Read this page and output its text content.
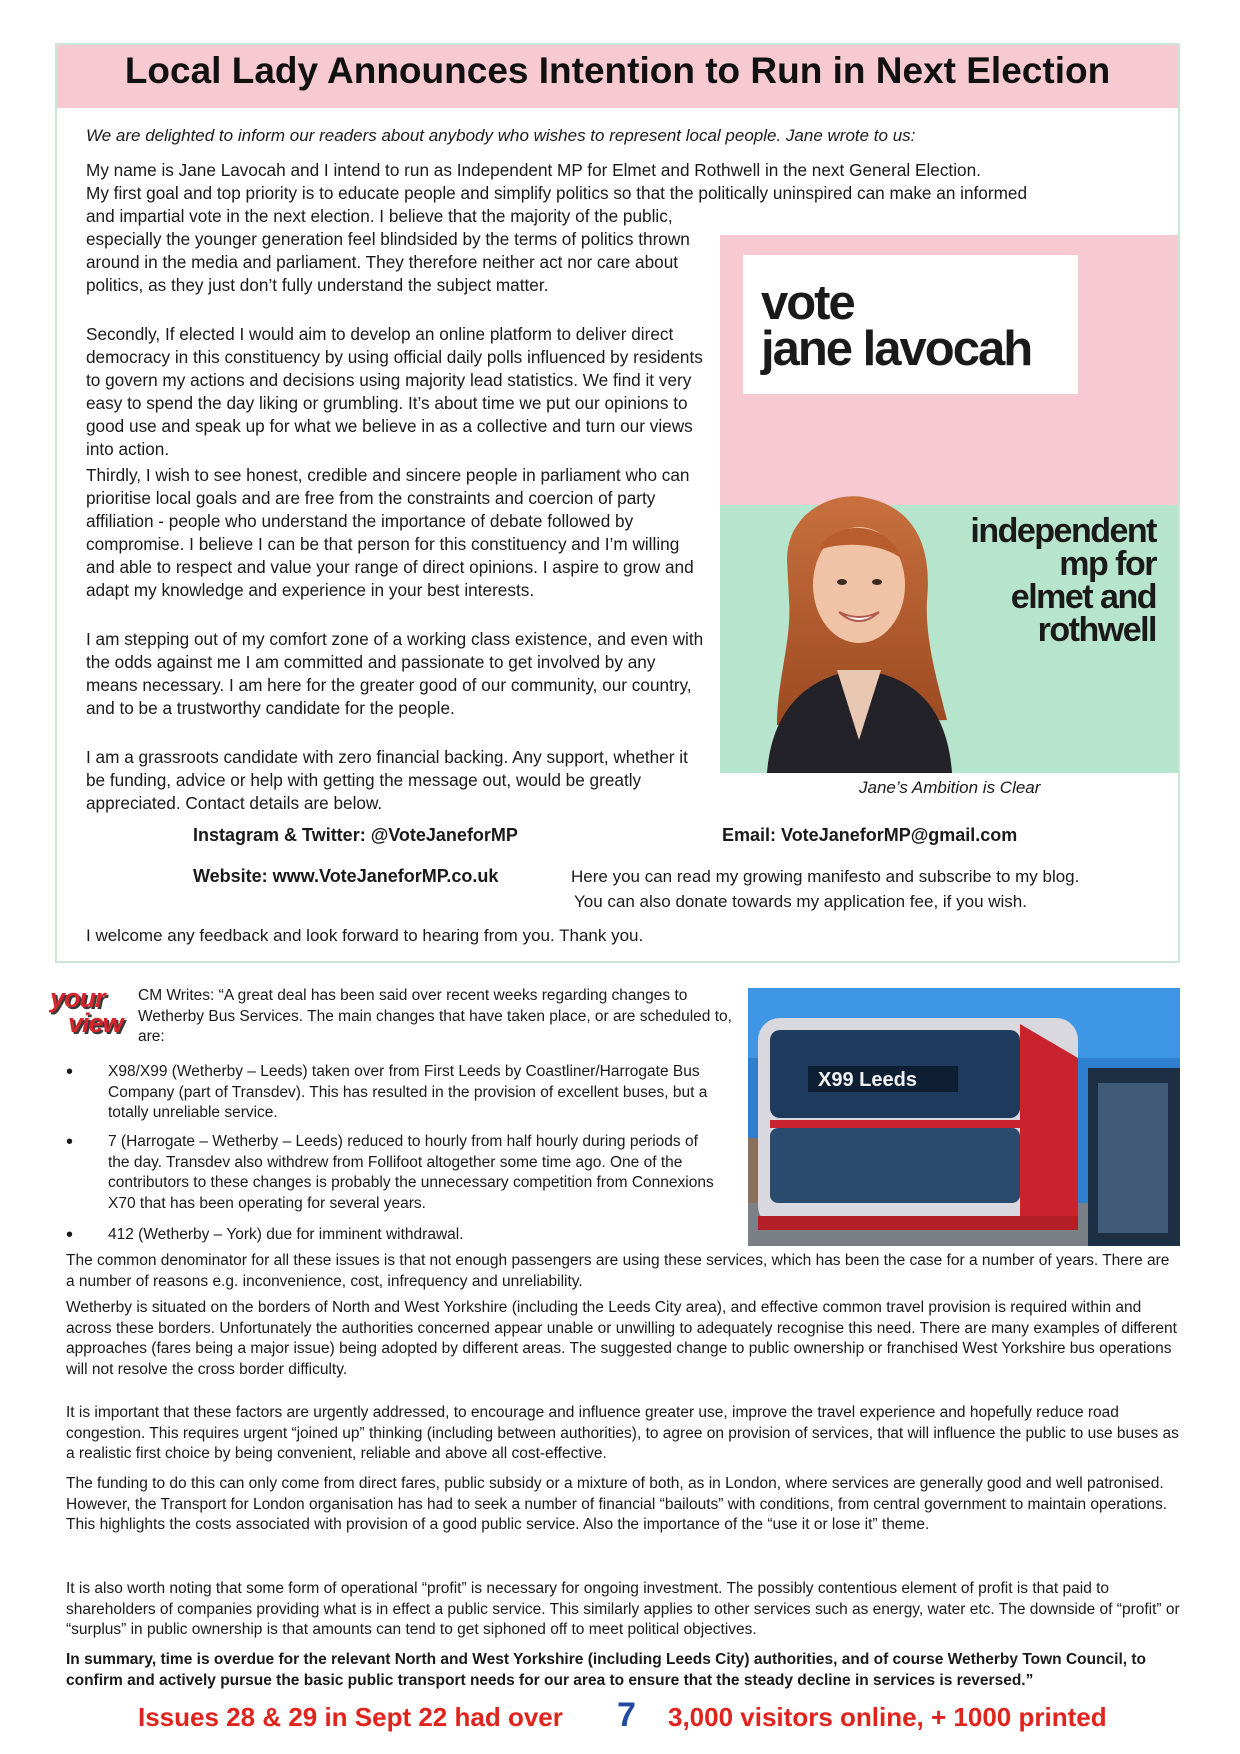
Local Lady Announces Intention to Run in Next Election
We are delighted to inform our readers about anybody who wishes to represent local people. Jane wrote to us:

My name is Jane Lavocah and I intend to run as Independent MP for Elmet and Rothwell in the next General Election.

My first goal and top priority is to educate people and simplify politics so that the politically uninspired can make an informed

and impartial vote in the next election. I believe that the majority of the public, especially the younger generation feel blindsided by the terms of politics thrown around in the media and parliament. They therefore neither act nor care about politics, as they just don’t fully understand the subject matter.

Secondly, If elected I would aim to develop an online platform to deliver direct democracy in this constituency by using official daily polls influenced by residents to govern my actions and decisions using majority lead statistics. We find it very easy to spend the day liking or grumbling. It’s about time we put our opinions to good use and speak up for what we believe in as a collective and turn our views into action.

Thirdly, I wish to see honest, credible and sincere people in parliament who can prioritise local goals and are free from the constraints and coercion of party affiliation - people who understand the importance of debate followed by compromise. I believe I can be that person for this constituency and I’m willing and able to respect and value your range of direct opinions. I aspire to grow and adapt my knowledge and experience in your best interests.

I am stepping out of my comfort zone of a working class existence, and even with the odds against me I am committed and passionate to get involved by any means necessary. I am here for the greater good of our community, our country, and to be a trustworthy candidate for the people.

I am a grassroots candidate with zero financial backing. Any support, whether it be funding, advice or help with getting the message out, would be greatly appreciated. Contact details are below.

vote
jane lavocah
independent
mp for
elmet and
rothwell
Jane’s Ambition is Clear
Instagram & Twitter: @VoteJaneforMP	Email: VoteJaneforMP@gmail.com
Website: www.VoteJaneforMP.co.uk	Here you can read my growing manifesto and subscribe to my blog.
You can also donate towards my application fee, if you wish.
I welcome any feedback and look forward to hearing from you. Thank you.
your
view

CM Writes: “A great deal has been said over recent weeks regarding changes to Wetherby Bus Services. The main changes that have taken place, or are scheduled to, are:

• X98/X99 (Wetherby – Leeds) taken over from First Leeds by Coastliner/Harrogate Bus Company (part of Transdev). This has resulted in the provision of excellent buses, but a totally unreliable service.

• 7 (Harrogate – Wetherby – Leeds) reduced to hourly from half hourly during periods of the day. Transdev also withdrew from Follifoot altogether some time ago. One of the contributors to these changes is probably the unnecessary competition from Connexions X70 that has been operating for several years.

• 412 (Wetherby – York) due for imminent withdrawal.

X99 Leeds

The common denominator for all these issues is that not enough passengers are using these services, which has been the case for a number of years. There are a number of reasons e.g. inconvenience, cost, infrequency and unreliability.

Wetherby is situated on the borders of North and West Yorkshire (including the Leeds City area), and effective common travel provision is required within and across these borders. Unfortunately the authorities concerned appear unable or unwilling to adequately recognise this need. There are many examples of different approaches (fares being a major issue) being adopted by different areas. The suggested change to public ownership or franchised West Yorkshire bus operations will not resolve the cross border difficulty.

It is important that these factors are urgently addressed, to encourage and influence greater use, improve the travel experience and hopefully reduce road congestion. This requires urgent “joined up” thinking (including between authorities), to agree on provision of services, that will influence the public to use buses as a realistic first choice by being convenient, reliable and above all cost-effective.

The funding to do this can only come from direct fares, public subsidy or a mixture of both, as in London, where services are generally good and well patronised. However, the Transport for London organisation has had to seek a number of financial “bailouts” with conditions, from central government to maintain operations. This highlights the costs associated with provision of a good public service. Also the importance of the “use it or lose it” theme.

It is also worth noting that some form of operational “profit” is necessary for ongoing investment. The possibly contentious element of profit is that paid to shareholders of companies providing what is in effect a public service. This similarly applies to other services such as energy, water etc. The downside of “profit” or “surplus” in public ownership is that amounts can tend to get siphoned off to meet political objectives.

In summary, time is overdue for the relevant North and West Yorkshire (including Leeds City) authorities, and of course Wetherby Town Council, to confirm and actively pursue the basic public transport needs for our area to ensure that the steady decline in services is reversed.”

Issues 28 & 29 in Sept 22 had over 7 3,000 visitors online, + 1000 printed
